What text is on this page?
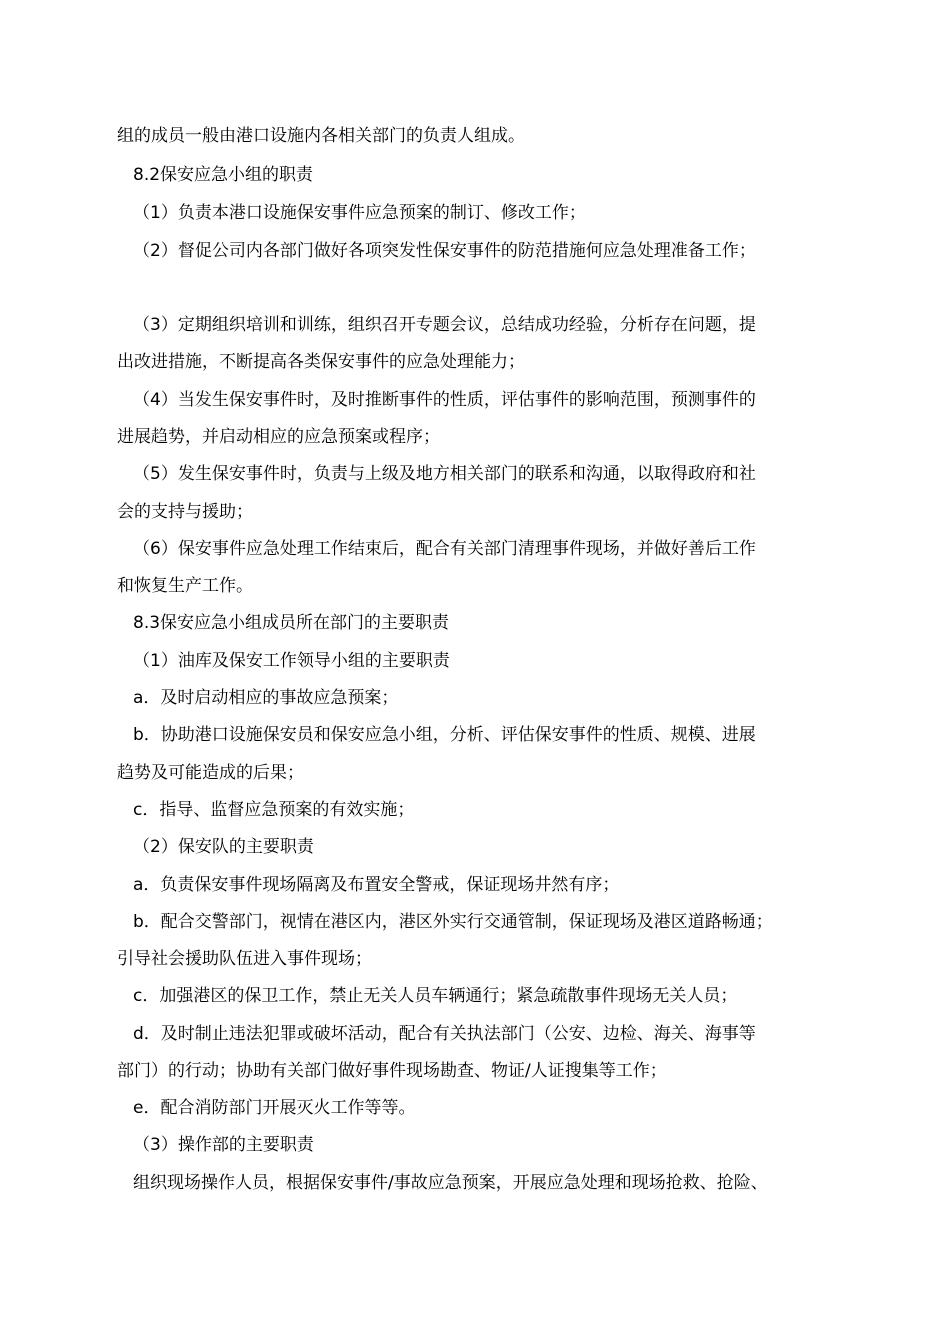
组的成员一般由港口设施内各相关部门的负责人组成。
8.2保安应急小组的职责
（1）负责本港口设施保安事件应急预案的制订、修改工作；
（2）督促公司内各部门做好各项突发性保安事件的防范措施何应急处理准备工作；
（3）定期组织培训和训练，组织召开专题会议，总结成功经验，分析存在问题，提
出改进措施，不断提高各类保安事件的应急处理能力；
（4）当发生保安事件时，及时推断事件的性质，评估事件的影响范围，预测事件的
进展趋势，并启动相应的应急预案或程序；
（5）发生保安事件时，负责与上级及地方相关部门的联系和沟通，以取得政府和社
会的支持与援助；
（6）保安事件应急处理工作结束后，配合有关部门清理事件现场，并做好善后工作
和恢复生产工作。
8.3保安应急小组成员所在部门的主要职责
（1）油库及保安工作领导小组的主要职责
a．及时启动相应的事故应急预案；
b．协助港口设施保安员和保安应急小组，分析、评估保安事件的性质、规模、进展
趋势及可能造成的后果；
c．指导、监督应急预案的有效实施；
（2）保安队的主要职责
a．负责保安事件现场隔离及布置安全警戒，保证现场井然有序；
b．配合交警部门，视情在港区内，港区外实行交通管制，保证现场及港区道路畅通；
引导社会援助队伍进入事件现场；
c．加强港区的保卫工作，禁止无关人员车辆通行；紧急疏散事件现场无关人员；
d．及时制止违法犯罪或破坏活动，配合有关执法部门（公安、边检、海关、海事等
部门）的行动；协助有关部门做好事件现场勘查、物证/人证搜集等工作；
e．配合消防部门开展灭火工作等等。
（3）操作部的主要职责
组织现场操作人员，根据保安事件/事故应急预案，开展应急处理和现场抢救、抢险、
